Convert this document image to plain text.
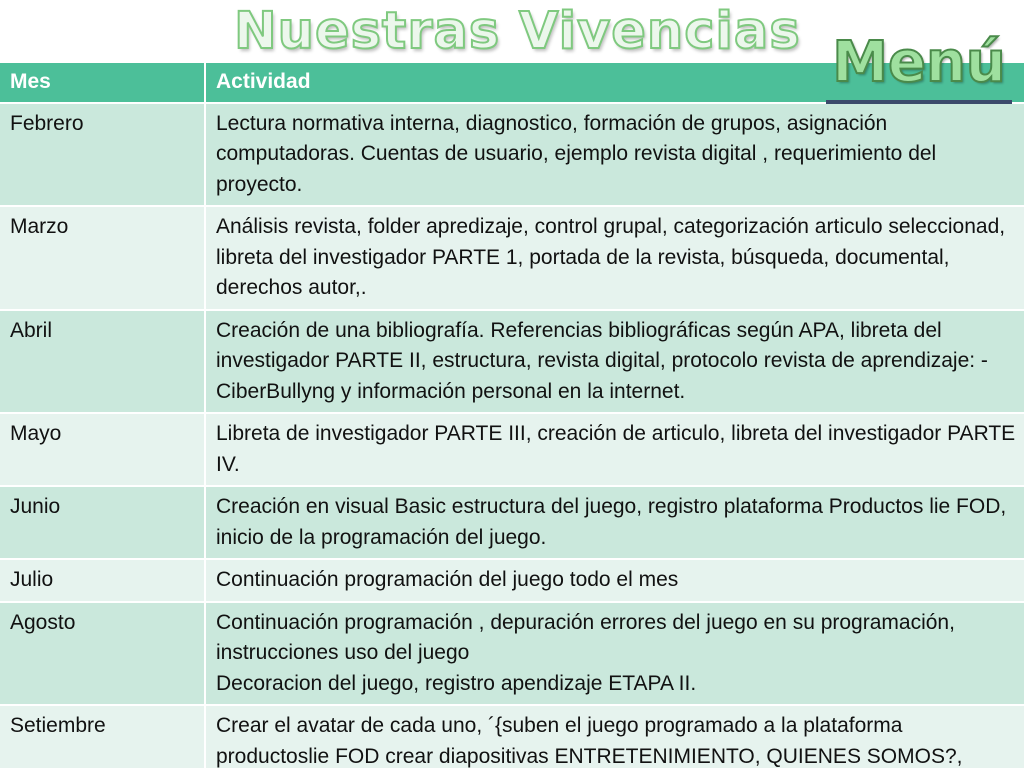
Nuestras Vivencias Menú
Mes	Actividad
Febrero	Lectura normativa interna, diagnostico, formación de grupos, asignación computadoras. Cuentas de usuario, ejemplo revista digital , requerimiento del proyecto.
Marzo	Análisis revista, folder apredizaje, control grupal, categorización articulo seleccionad, libreta del investigador PARTE 1, portada de la revista, búsqueda, documental, derechos autor,.
Abril	Creación de una bibliografía. Referencias bibliográficas según APA, libreta del investigador PARTE II, estructura, revista digital, protocolo revista de aprendizaje: - CiberBullyng y información personal en la internet.
Mayo	Libreta de investigador PARTE III, creación de articulo, libreta del investigador PARTE IV.
Junio	Creación en visual Basic estructura del juego, registro plataforma Productos lie FOD, inicio de la programación del juego.
Julio	Continuación programación del juego todo el mes
Agosto	Continuación programación , depuración errores del juego en su programación, instrucciones uso del juego
Decoracion del juego, registro apendizaje ETAPA II.
Setiembre	Crear el avatar de cada uno, ´{suben el juego programado a la plataforma productoslie FOD crear diapositivas ENTRETENIMIENTO, QUIENES SOMOS?,
